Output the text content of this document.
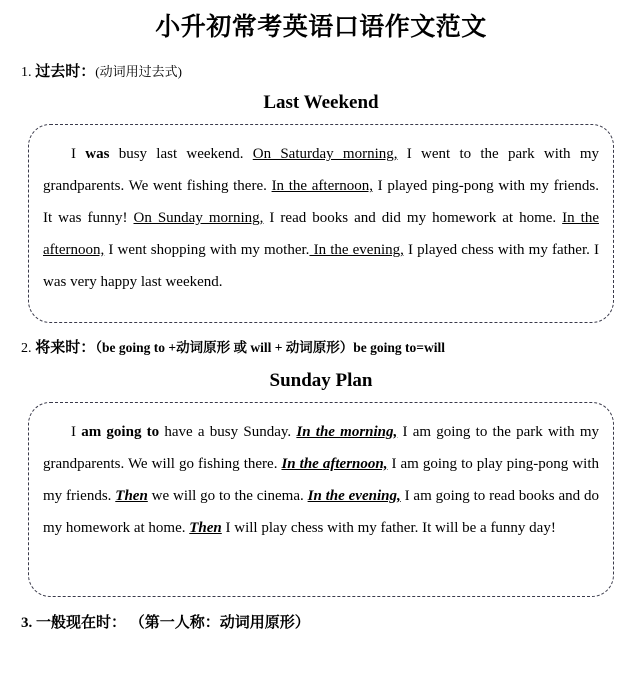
小升初常考英语口语作文范文
1. 过去时：(动词用过去式)
Last Weekend

I was busy last weekend. On Saturday morning, I went to the park with my grandparents. We went fishing there. In the afternoon, I played ping-pong with my friends. It was funny! On Sunday morning, I read books and did my homework at home. In the afternoon, I went shopping with my mother. In the evening, I played chess with my father. I was very happy last weekend.

2. 将来时：（be going to +动词原形 或 will + 动词原形）be going to=will
Sunday Plan

I am going to have a busy Sunday. In the morning, I am going to the park with my grandparents. We will go fishing there. In the afternoon, I am going to play ping-pong with my friends. Then we will go to the cinema. In the evening, I am going to read books and do my homework at home. Then I will play chess with my father. It will be a funny day!

3. 一般现在时： （第一人称：动词用原形）
